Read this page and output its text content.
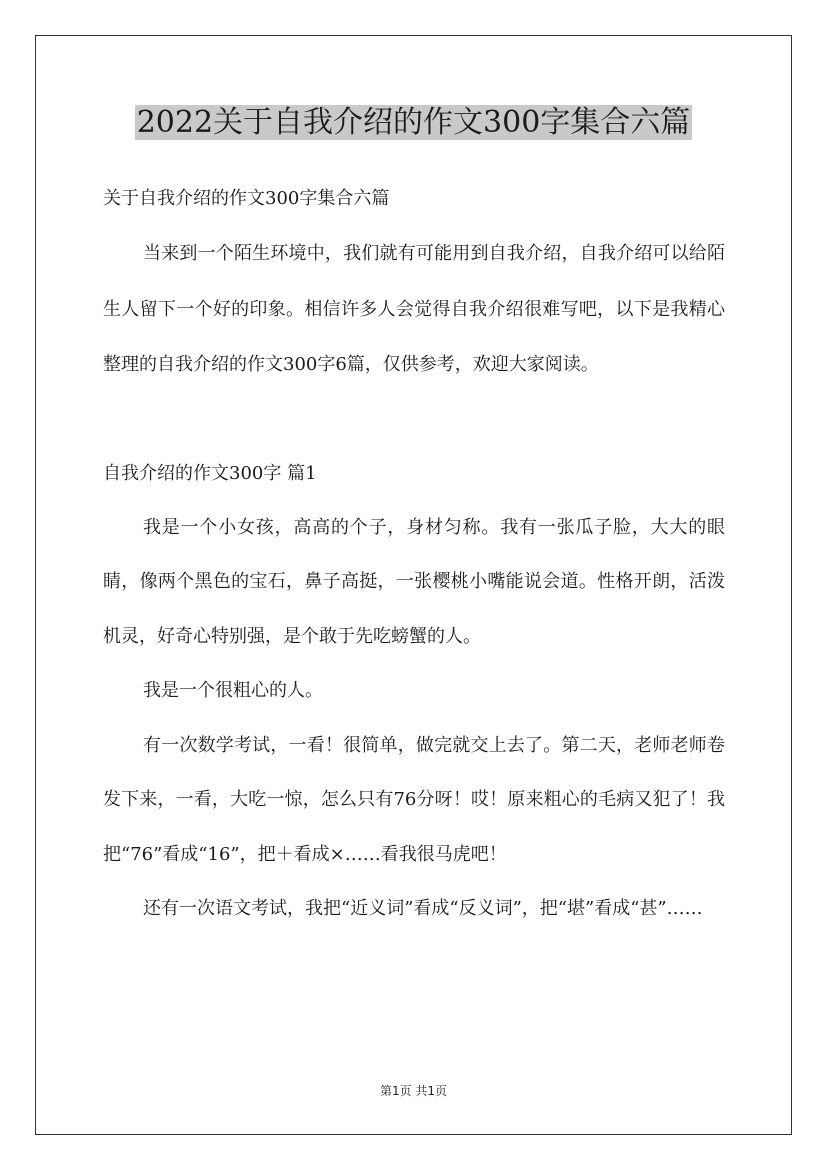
2022关于自我介绍的作文300字集合六篇
关于自我介绍的作文300字集合六篇

当来到一个陌生环境中，我们就有可能用到自我介绍，自我介绍可以给陌生人留下一个好的印象。相信许多人会觉得自我介绍很难写吧，以下是我精心整理的自我介绍的作文300字6篇，仅供参考，欢迎大家阅读。

自我介绍的作文300字 篇1

我是一个小女孩，高高的个子，身材匀称。我有一张瓜子脸，大大的眼睛，像两个黑色的宝石，鼻子高挺，一张樱桃小嘴能说会道。性格开朗，活泼机灵，好奇心特别强，是个敢于先吃螃蟹的人。

我是一个很粗心的人。

有一次数学考试，一看！很简单，做完就交上去了。第二天，老师老师卷发下来，一看，大吃一惊，怎么只有76分呀！哎！原来粗心的毛病又犯了！我把“76”看成“16”，把＋看成×……看我很马虎吧！

还有一次语文考试，我把“近义词”看成“反义词”，把“堪”看成“甚”……

第1页 共1页
